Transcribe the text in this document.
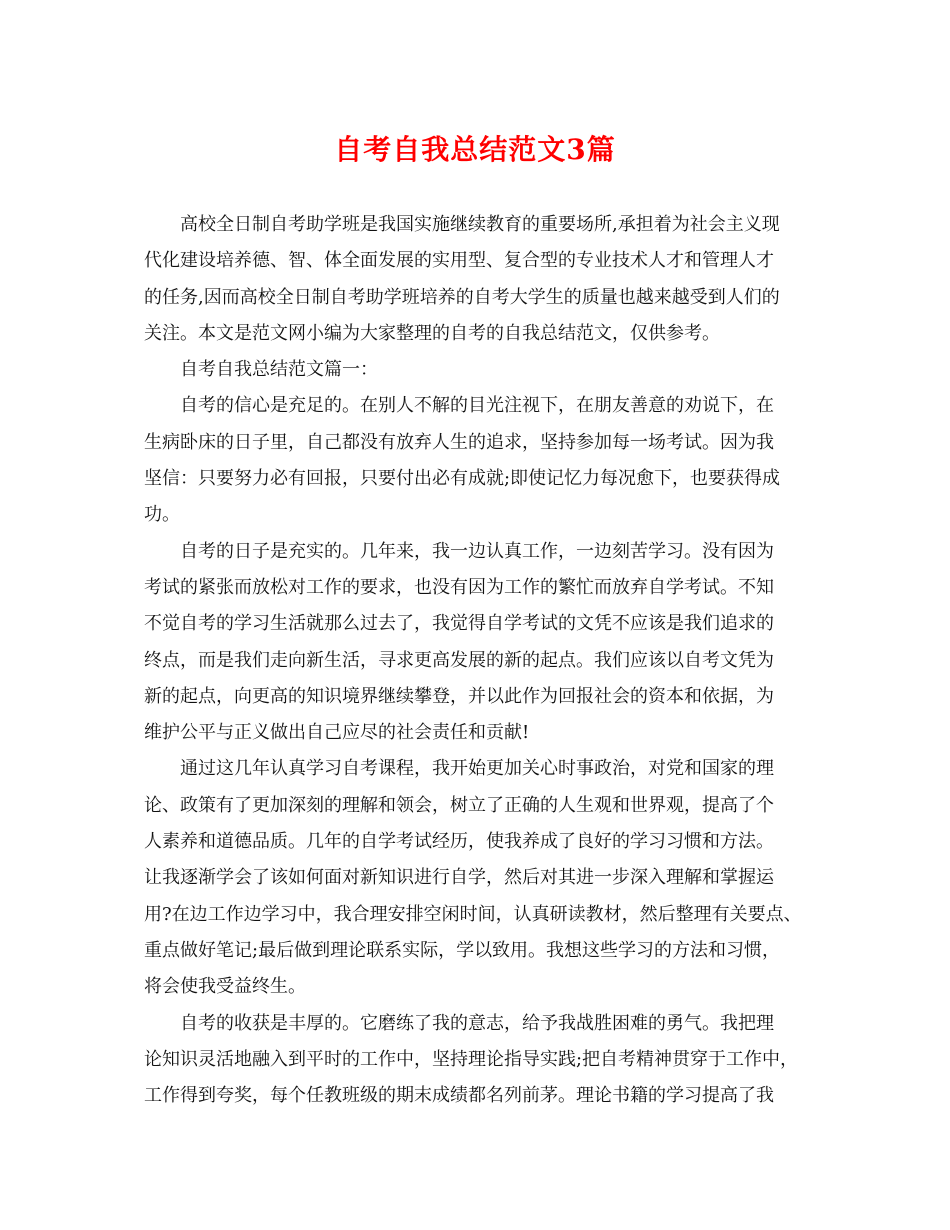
自考自我总结范文3篇
高校全日制自考助学班是我国实施继续教育的重要场所,承担着为社会主义现
代化建设培养德、智、体全面发展的实用型、复合型的专业技术人才和管理人才
的任务,因而高校全日制自考助学班培养的自考大学生的质量也越来越受到人们的
关注。本文是范文网小编为大家整理的自考的自我总结范文，仅供参考。
自考自我总结范文篇一：
自考的信心是充足的。在别人不解的目光注视下，在朋友善意的劝说下，在
生病卧床的日子里，自己都没有放弃人生的追求，坚持参加每一场考试。因为我
坚信：只要努力必有回报，只要付出必有成就;即使记忆力每况愈下，也要获得成
功。
自考的日子是充实的。几年来，我一边认真工作，一边刻苦学习。没有因为
考试的紧张而放松对工作的要求，也没有因为工作的繁忙而放弃自学考试。不知
不觉自考的学习生活就那么过去了，我觉得自学考试的文凭不应该是我们追求的
终点，而是我们走向新生活，寻求更高发展的新的起点。我们应该以自考文凭为
新的起点，向更高的知识境界继续攀登，并以此作为回报社会的资本和依据，为
维护公平与正义做出自己应尽的社会责任和贡献!
通过这几年认真学习自考课程，我开始更加关心时事政治，对党和国家的理
论、政策有了更加深刻的理解和领会，树立了正确的人生观和世界观，提高了个
人素养和道德品质。几年的自学考试经历，使我养成了良好的学习习惯和方法。
让我逐渐学会了该如何面对新知识进行自学，然后对其进一步深入理解和掌握运
用?在边工作边学习中，我合理安排空闲时间，认真研读教材，然后整理有关要点、
重点做好笔记;最后做到理论联系实际，学以致用。我想这些学习的方法和习惯，
将会使我受益终生。
自考的收获是丰厚的。它磨练了我的意志，给予我战胜困难的勇气。我把理
论知识灵活地融入到平时的工作中，坚持理论指导实践;把自考精神贯穿于工作中，
工作得到夸奖，每个任教班级的期末成绩都名列前茅。理论书籍的学习提高了我
